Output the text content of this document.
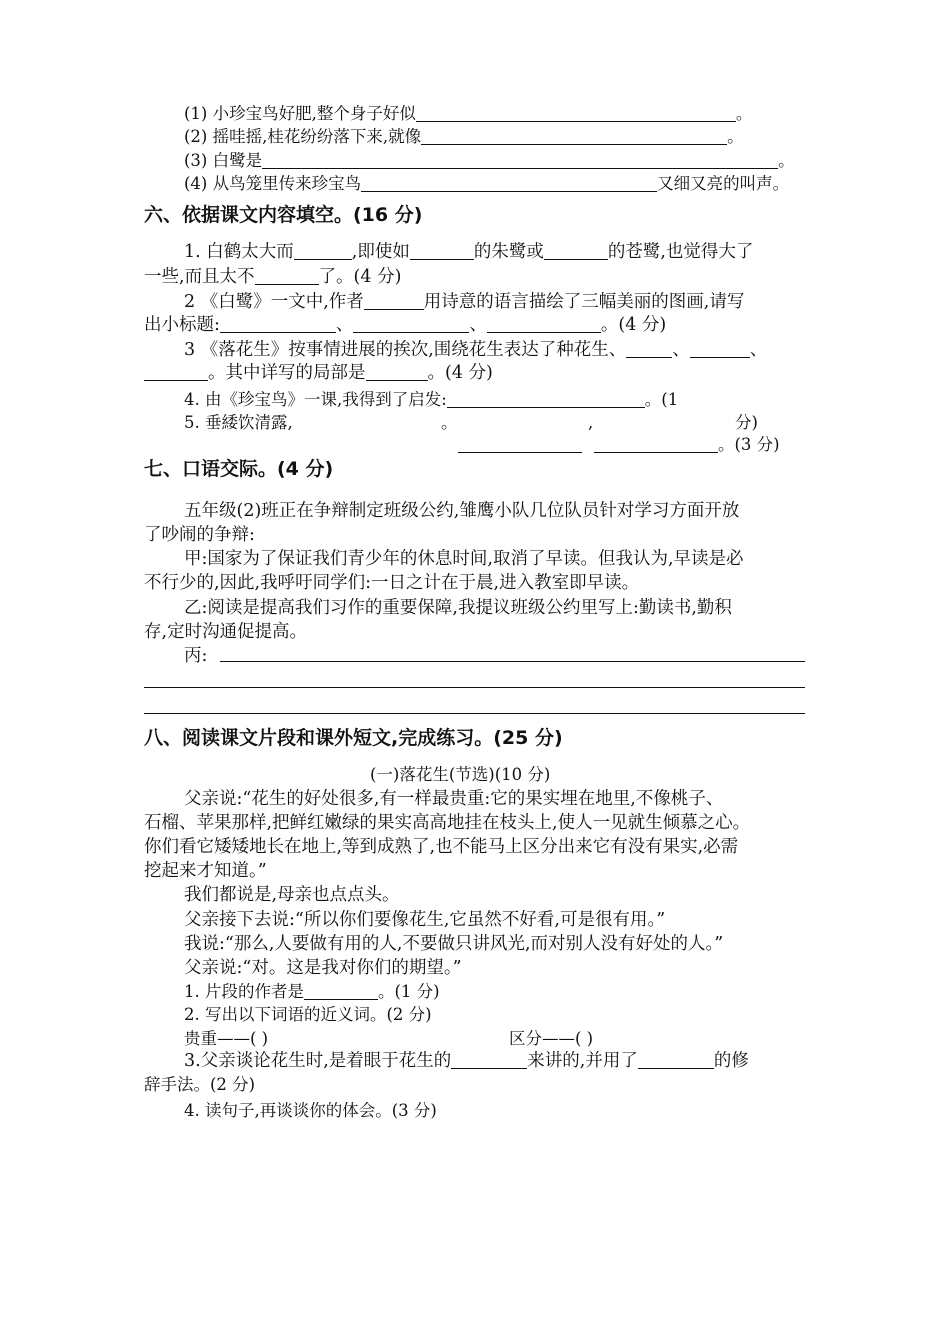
(1) 小珍宝鸟好肥,整个身子好似	。
(2) 摇哇摇,桂花纷纷落下来,就像	。
(3) 白鹭是	。
(4) 从鸟笼里传来珍宝鸟	又细又亮的叫声。
六、依据课文内容填空。(16 分)
1. 白鹤太大而	,即使如	的朱鹭或	的苍鹭,也觉得大了
一些,而且太不	了。(4 分)
2 《白鹭》一文中,作者	用诗意的语言描绘了三幅美丽的图画,请写
出小标题:	、	、	。(4 分)
3 《落花生》按事情进展的挨次,围绕花生表达了种花生、	、	、
。其中详写的局部是	。(4 分)
4. 由《珍宝鸟》一课,我得到了启发:	。(1
5. 垂緌饮清露,	。	,	分)
。(3 分)
七、口语交际。(4 分)
五年级(2)班正在争辩制定班级公约,雏鹰小队几位队员针对学习方面开放
了吵闹的争辩:
甲:国家为了保证我们青少年的休息时间,取消了早读。但我认为,早读是必
不行少的,因此,我呼吁同学们:一日之计在于晨,进入教室即早读。
乙:阅读是提高我们习作的重要保障,我提议班级公约里写上:勤读书,勤积
存,定时沟通促提高。
丙:
八、阅读课文片段和课外短文,完成练习。(25 分)
(一)落花生(节选)(10 分)
父亲说:“花生的好处很多,有一样最贵重:它的果实埋在地里,不像桃子、
石榴、苹果那样,把鲜红嫩绿的果实高高地挂在枝头上,使人一见就生倾慕之心。
你们看它矮矮地长在地上,等到成熟了,也不能马上区分出来它有没有果实,必需
挖起来才知道。”
我们都说是,母亲也点点头。
父亲接下去说:“所以你们要像花生,它虽然不好看,可是很有用。”
我说:“那么,人要做有用的人,不要做只讲风光,而对别人没有好处的人。”
父亲说:“对。这是我对你们的期望。”
1. 片段的作者是	。(1 分)
2. 写出以下词语的近义词。(2 分)
贵重——( )	区分——( )
3.父亲谈论花生时,是着眼于花生的	来讲的,并用了	的修
辞手法。(2 分)
4. 读句子,再谈谈你的体会。(3 分)
